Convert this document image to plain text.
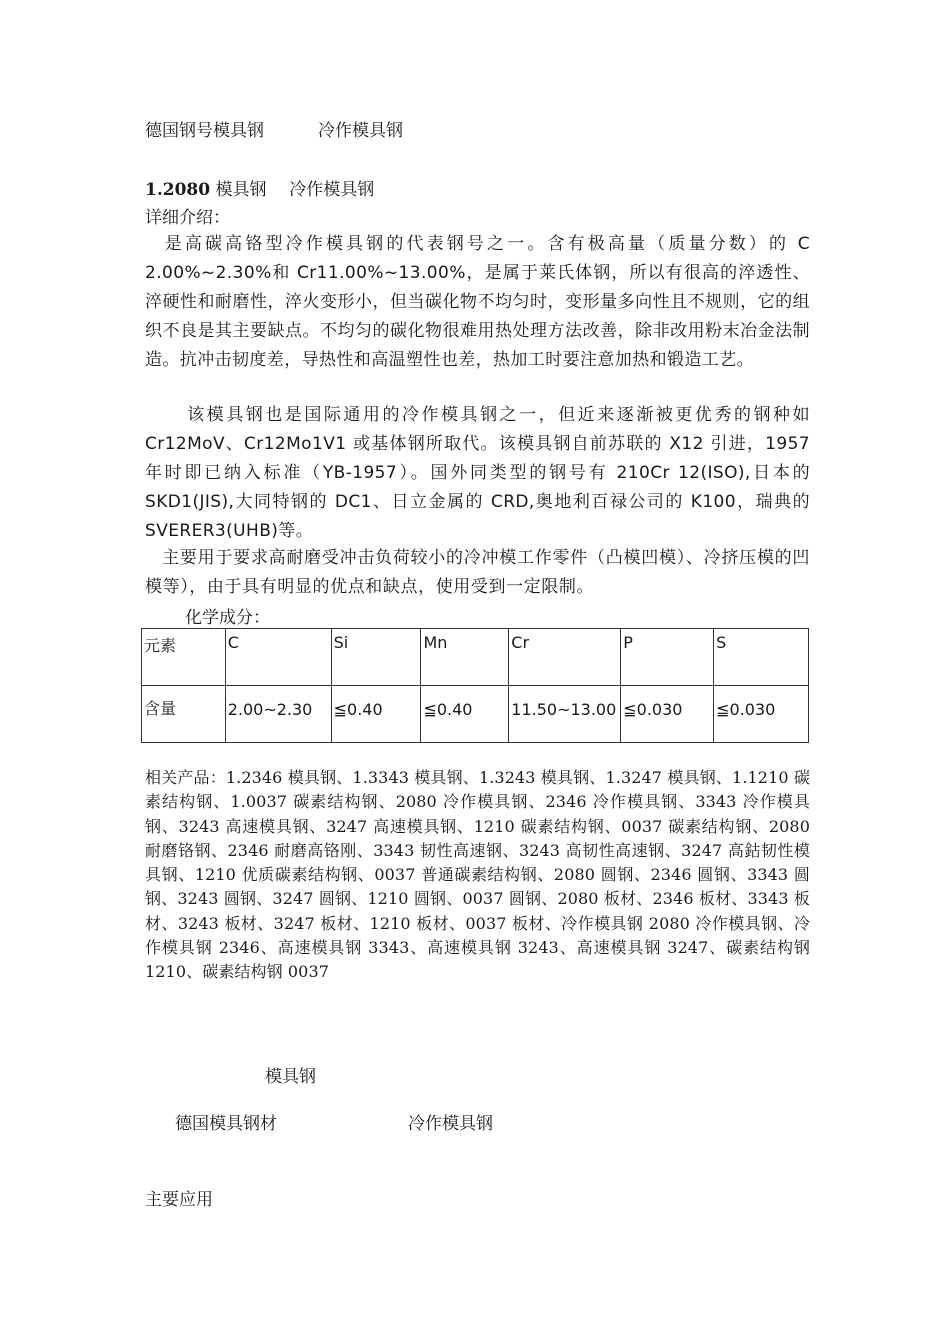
德国钢号模具钢	冷作模具钢
1.2080 模具钢 冷作模具钢
详细介绍：
是高碳高铬型冷作模具钢的代表钢号之一。含有极高量（质量分数）的 C 2.00%~2.30%和 Cr11.00%~13.00%，是属于莱氏体钢，所以有很高的淬透性、淬硬性和耐磨性，淬火变形小，但当碳化物不均匀时，变形量多向性且不规则，它的组织不良是其主要缺点。不均匀的碳化物很难用热处理方法改善，除非改用粉末冶金法制造。抗冲击韧度差，导热性和高温塑性也差，热加工时要注意加热和锻造工艺。
该模具钢也是国际通用的冷作模具钢之一，但近来逐渐被更优秀的钢种如 Cr12MoV、Cr12Mo1V1 或基体钢所取代。该模具钢自前苏联的 X12 引进，1957 年时即已纳入标准（YB-1957）。国外同类型的钢号有 210Cr 12(ISO),日本的 SKD1(JIS),大同特钢的 DC1、日立金属的 CRD,奥地利百禄公司的 K100，瑞典的 SVERER3(UHB)等。
主要用于要求高耐磨受冲击负荷较小的冷冲模工作零件（凸模凹模）、冷挤压模的凹模等），由于具有明显的优点和缺点，使用受到一定限制。
化学成分：
元素	C	Si	Mn	Cr	P	S
含量	2.00~2.30	≦0.40	≦0.40	11.50~13.00	≦0.030	≦0.030
相关产品：1.2346 模具钢、1.3343 模具钢、1.3243 模具钢、1.3247 模具钢、1.1210 碳素结构钢、1.0037 碳素结构钢、2080 冷作模具钢、2346 冷作模具钢、3343 冷作模具钢、3243 高速模具钢、3247 高速模具钢、1210 碳素结构钢、0037 碳素结构钢、2080 耐磨铬钢、2346 耐磨高铬刚、3343 韧性高速钢、3243 高韧性高速钢、3247 高鈷韧性模具钢、1210 优质碳素结构钢、0037 普通碳素结构钢、2080 圆钢、2346 圆钢、3343 圆钢、3243 圆钢、3247 圆钢、1210 圆钢、0037 圆钢、2080 板材、2346 板材、3343 板材、3243 板材、3247 板材、1210 板材、0037 板材、冷作模具钢 2080 冷作模具钢、冷作模具钢 2346、高速模具钢 3343、高速模具钢 3243、高速模具钢 3247、碳素结构钢 1210、碳素结构钢 0037
模具钢
德国模具钢材	冷作模具钢
主要应用
